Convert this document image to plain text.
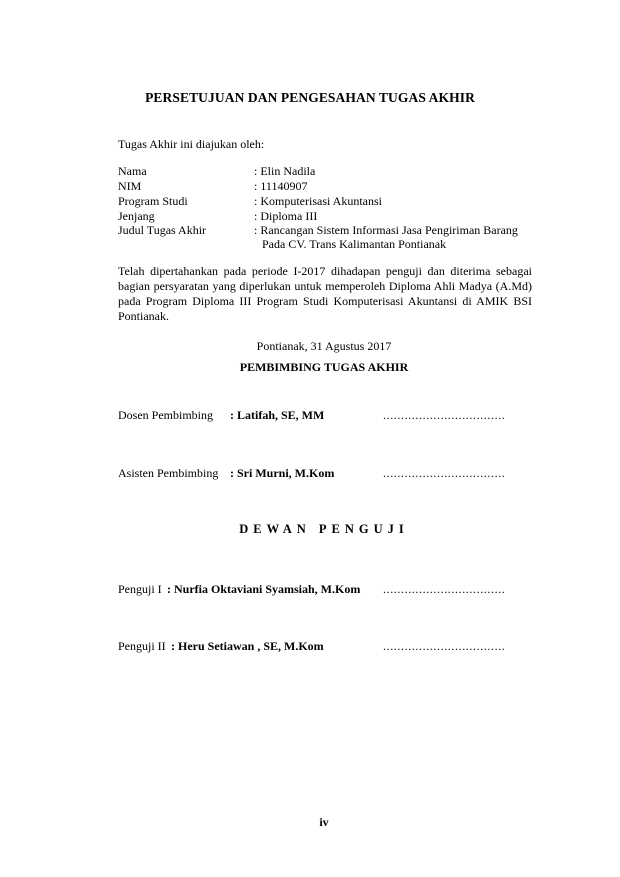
PERSETUJUAN DAN PENGESAHAN TUGAS AKHIR
Tugas Akhir ini diajukan oleh:
Nama	: Elin Nadila
NIM	: 11140907
Program Studi	: Komputerisasi Akuntansi
Jenjang	: Diploma III
Judul Tugas Akhir	: Rancangan Sistem Informasi Jasa Pengiriman Barang
Pada CV. Trans Kalimantan Pontianak
Telah dipertahankan pada periode I-2017 dihadapan penguji dan diterima sebagai bagian persyaratan yang diperlukan untuk memperoleh Diploma Ahli Madya (A.Md) pada Program Diploma III Program Studi Komputerisasi Akuntansi di AMIK BSI Pontianak.
Pontianak, 31 Agustus 2017
PEMBIMBING TUGAS AKHIR
Dosen Pembimbing : Latifah, SE, MM	..................................
Asisten Pembimbing : Sri Murni, M.Kom	..................................
DEWAN PENGUJI
Penguji I : Nurfia Oktaviani Syamsiah, M.Kom ..................................
Penguji II : Heru Setiawan , SE, M.Kom	..................................
iv
